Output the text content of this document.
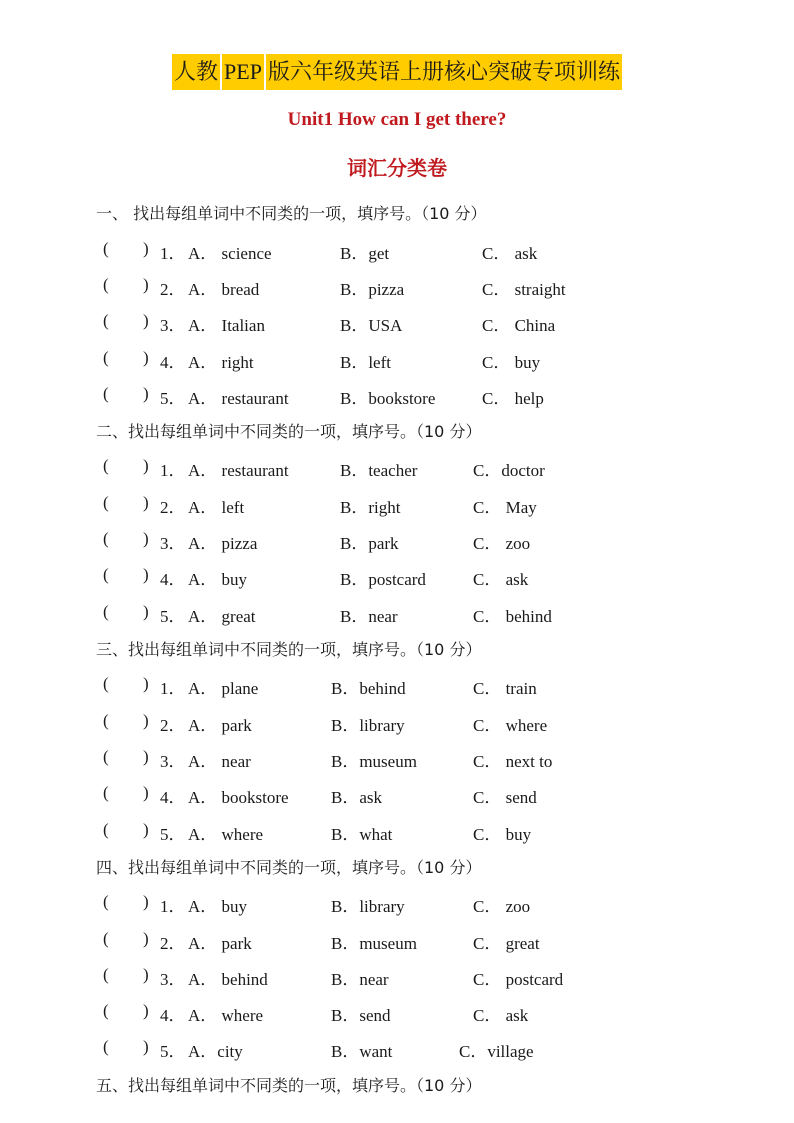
人教 PEP 版六年级英语上册核心突破专项训练
Unit1 How can I get there?
词汇分类卷
一、 找出每组单词中不同类的一项，填序号。（10 分）
( ) 1． A． science	B．get	C． ask
( ) 2． A． bread	B．pizza	C． straight
( ) 3． A． Italian	B．USA	C． China
( ) 4． A． right	B．left	C． buy
( ) 5． A． restaurant	B．bookstore	C． help
二、找出每组单词中不同类的一项，填序号。（10 分）
( ) 1． A． restaurant	B．teacher	C．doctor
( ) 2． A． left	B．right	C． May
( ) 3． A． pizza	B．park	C． zoo
( ) 4． A． buy	B．postcard	C． ask
( ) 5． A． great	B．near	C． behind
三、找出每组单词中不同类的一项，填序号。（10 分）
( ) 1． A． plane	B．behind	C． train
( ) 2． A． park	B．library	C． where
( ) 3． A． near	B．museum	C． next to
( ) 4． A． bookstore B．ask	C． send
( ) 5． A． where	B．what	C． buy
四、找出每组单词中不同类的一项，填序号。（10 分）
( ) 1． A． buy	B．library	C． zoo
( ) 2． A． park	B．museum	C． great
( ) 3． A． behind	B．near	C． postcard
( ) 4． A． where	B．send	C． ask
( ) 5． A．city	B．want	C．village
五、找出每组单词中不同类的一项，填序号。（10 分）
